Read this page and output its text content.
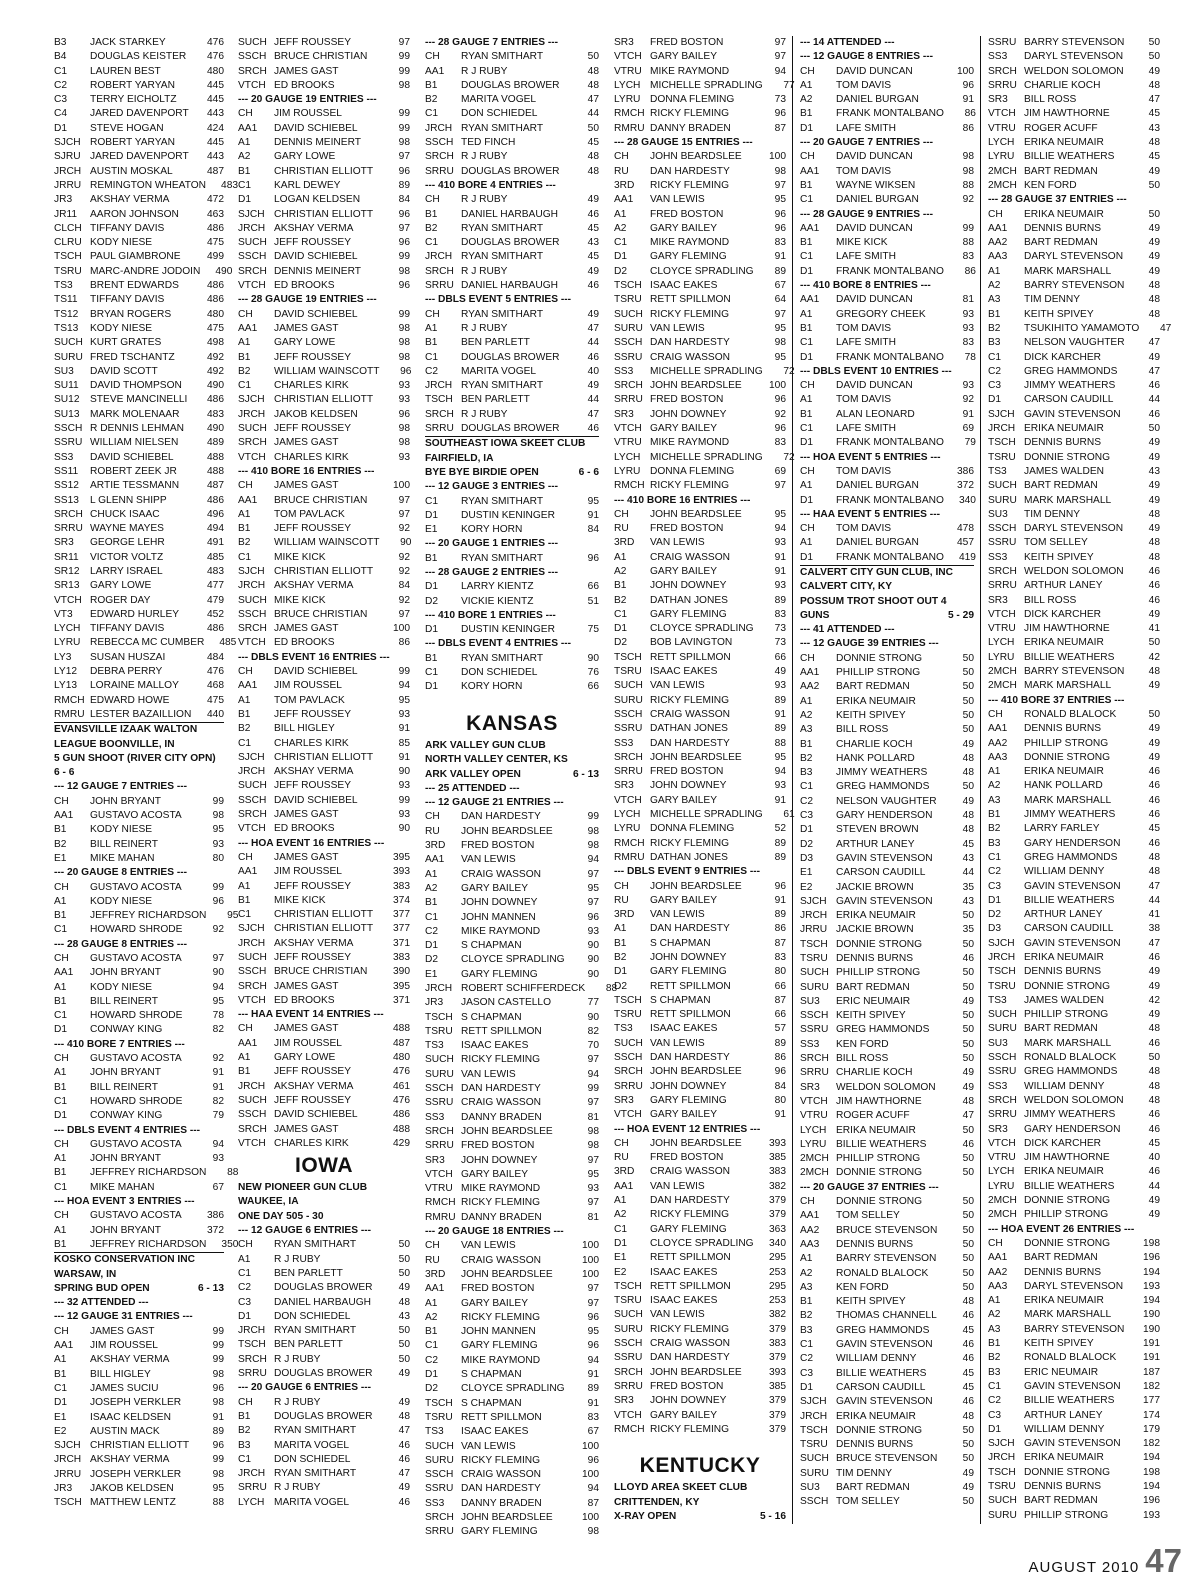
B3	JACK STARKEY	476
B4	DOUGLAS KEISTER	476
C1	LAUREN BEST	480
C2	ROBERT YARYAN	445
C3	TERRY EICHOLTZ	445
C4	JARED DAVENPORT	443
D1	STEVE HOGAN	424
SJCH ROBERT YARYAN	445
SJRU JARED DAVENPORT	443
JRCH AUSTIN MOSKAL	487
JRRU REMINGTON WHEATON	483
JR3	AKSHAY VERMA	472
JR11	AARON JOHNSON	463
CLCH TIFFANY DAVIS	486
CLRU KODY NIESE	475
TSCH PAUL GIAMBRONE	499
TSRU MARC-ANDRE JODOIN	490
TS3	BRENT EDWARDS	486
TS11	TIFFANY DAVIS	486
TS12	BRYAN ROGERS	480
TS13	KODY NIESE	475
SUCH KURT GRATES	498
SURU FRED TSCHANTZ	492
SU3	DAVID SCOTT	492
SU11	DAVID THOMPSON	490
SU12	STEVE MANCINELLI	486
SU13	MARK MOLENAAR	483
SSCH R DENNIS LEHMAN	490
SSRU WILLIAM NIELSEN	489
SS3	DAVID SCHIEBEL	488
SS11	ROBERT ZEEK JR	488
SS12	ARTIE TESSMANN	487
SS13	L GLENN SHIPP	486
SRCH CHUCK ISAAC	496
SRRU WAYNE MAYES	494
SR3	GEORGE LEHR	491
SR11	VICTOR VOLTZ	485
SR12	LARRY ISRAEL	483
SR13	GARY LOWE	477
VTCH ROGER DAY	479
VT3	EDWARD HURLEY	452
LYCH TIFFANY DAVIS	486
LYRU REBECCA MC CUMBER	485
LY3	SUSAN HUSZAI	484
LY12	DEBRA PERRY	476
LY13	LORAINE MALLOY	468
RMCH EDWARD HOWE	475
RMRU LESTER BAZAILLION	440
EVANSVILLE IZAAK WALTON
LEAGUE BOONVILLE, IN
5 GUN SHOOT (RIVER CITY OPN)
6 - 6
--- 12 GAUGE 7 ENTRIES ---
CH	JOHN BRYANT	99
AA1	GUSTAVO ACOSTA	98
B1	KODY NIESE	95
B2	BILL REINERT	93
E1	MIKE MAHAN	80
--- 20 GAUGE 8 ENTRIES ---
CH	GUSTAVO ACOSTA	99
A1	KODY NIESE	96
B1	JEFFREY RICHARDSON	95
C1	HOWARD SHRODE	92
--- 28 GAUGE 8 ENTRIES ---
CH	GUSTAVO ACOSTA	97
AA1	JOHN BRYANT	90
A1	KODY NIESE	94
B1	BILL REINERT	95
C1	HOWARD SHRODE	78
D1	CONWAY KING	82
--- 410 BORE 7 ENTRIES ---
CH	GUSTAVO ACOSTA	92
A1	JOHN BRYANT	91
B1	BILL REINERT	91
C1	HOWARD SHRODE	82
D1	CONWAY KING	79
--- DBLS EVENT 4 ENTRIES ---
CH	GUSTAVO ACOSTA	94
A1	JOHN BRYANT	93
B1	JEFFREY RICHARDSON	88
C1	MIKE MAHAN	67
--- HOA EVENT 3 ENTRIES ---
CH	GUSTAVO ACOSTA	386
A1	JOHN BRYANT	372
B1	JEFFREY RICHARDSON	350
KOSKO CONSERVATION INC
WARSAW, IN
SPRING BUD OPEN	6 - 13
--- 32 ATTENDED ---
--- 12 GAUGE 31 ENTRIES ---
CH	JAMES GAST	99
AA1	JIM ROUSSEL	99
A1	AKSHAY VERMA	99
B1	BILL HIGLEY	98
C1	JAMES SUCIU	96
D1	JOSEPH VERKLER	98
E1	ISAAC KELDSEN	91
E2	AUSTIN MACK	89
SJCH CHRISTIAN ELLIOTT	96
JRCH AKSHAY VERMA	99
JRRU JOSEPH VERKLER	98
JR3	JAKOB KELDSEN	95
TSCH MATTHEW LENTZ	88
SUCH JEFF ROUSSEY	97
SSCH BRUCE CHRISTIAN	99
SRCH JAMES GAST	99
VTCH ED BROOKS	98
--- 20 GAUGE 19 ENTRIES ---
CH	JIM ROUSSEL	99
AA1	DAVID SCHIEBEL	99
A1	DENNIS MEINERT	98
A2	GARY LOWE	97
B1	CHRISTIAN ELLIOTT	96
C1	KARL DEWEY	89
D1	LOGAN KELDSEN	84
SJCH CHRISTIAN ELLIOTT	96
JRCH AKSHAY VERMA	97
SUCH JEFF ROUSSEY	96
SSCH DAVID SCHIEBEL	99
SRCH DENNIS MEINERT	98
VTCH ED BROOKS	96
--- 28 GAUGE 19 ENTRIES ---
CH	DAVID SCHIEBEL	99
AA1	JAMES GAST	98
A1	GARY LOWE	98
B1	JEFF ROUSSEY	98
B2	WILLIAM WAINSCOTT	96
C1	CHARLES KIRK	93
SJCH CHRISTIAN ELLIOTT	93
JRCH JAKOB KELDSEN	96
SUCH JEFF ROUSSEY	98
SRCH JAMES GAST	98
VTCH CHARLES KIRK	93
--- 410 BORE 16 ENTRIES ---
CH	JAMES GAST	100
AA1	BRUCE CHRISTIAN	97
A1	TOM PAVLACK	97
B1	JEFF ROUSSEY	92
B2	WILLIAM WAINSCOTT	90
C1	MIKE KICK	92
SJCH CHRISTIAN ELLIOTT	92
JRCH AKSHAY VERMA	84
SUCH MIKE KICK	92
SSCH BRUCE CHRISTIAN	97
SRCH JAMES GAST	100
VTCH ED BROOKS	86
--- DBLS EVENT 16 ENTRIES ---
CH	DAVID SCHIEBEL	99
AA1	JIM ROUSSEL	94
A1	TOM PAVLACK	95
B1	JEFF ROUSSEY	93
B2	BILL HIGLEY	91
C1	CHARLES KIRK	85
SJCH CHRISTIAN ELLIOTT	91
JRCH AKSHAY VERMA	90
SUCH JEFF ROUSSEY	93
SSCH DAVID SCHIEBEL	99
SRCH JAMES GAST	93
VTCH ED BROOKS	90
--- HOA EVENT 16 ENTRIES ---
CH	JAMES GAST	395
AA1	JIM ROUSSEL	393
A1	JEFF ROUSSEY	383
B1	MIKE KICK	374
C1	CHRISTIAN ELLIOTT	377
SJCH CHRISTIAN ELLIOTT	377
JRCH AKSHAY VERMA	371
SUCH JEFF ROUSSEY	383
SSCH BRUCE CHRISTIAN	390
SRCH JAMES GAST	395
VTCH ED BROOKS	371
--- HAA EVENT 14 ENTRIES ---
CH	JAMES GAST	488
AA1	JIM ROUSSEL	487
A1	GARY LOWE	480
B1	JEFF ROUSSEY	476
JRCH AKSHAY VERMA	461
SUCH JEFF ROUSSEY	476
SSCH DAVID SCHIEBEL	486
SRCH JAMES GAST	488
VTCH CHARLES KIRK	429
IOWA
NEW PIONEER GUN CLUB
WAUKEE, IA
ONE DAY 505 - 30
--- 12 GAUGE 6 ENTRIES ---
CH	RYAN SMITHART	50
A1	R J RUBY	50
C1	BEN PARLETT	50
C2	DOUGLAS BROWER	49
C3	DANIEL HARBAUGH	48
D1	DON SCHIEDEL	43
JRCH RYAN SMITHART	50
TSCH BEN PARLETT	50
SRCH R J RUBY	50
SRRU DOUGLAS BROWER	49
--- 20 GAUGE 6 ENTRIES ---
CH	R J RUBY	49
B1	DOUGLAS BROWER	48
B2	RYAN SMITHART	47
B3	MARITA VOGEL	46
C1	DON SCHIEDEL	46
JRCH RYAN SMITHART	47
SRRU R J RUBY	49
LYCH MARITA VOGEL	46
--- 28 GAUGE 7 ENTRIES ---
CH	RYAN SMITHART	50
AA1	R J RUBY	48
B1	DOUGLAS BROWER	48
B2	MARITA VOGEL	47
C1	DON SCHIEDEL	44
JRCH RYAN SMITHART	50
SSCH TED FINCH	45
SRCH R J RUBY	48
SRRU DOUGLAS BROWER	48
--- 410 BORE 4 ENTRIES ---
CH	R J RUBY	49
B1	DANIEL HARBAUGH	46
B2	RYAN SMITHART	45
C1	DOUGLAS BROWER	43
JRCH RYAN SMITHART	45
SRCH R J RUBY	49
SRRU DANIEL HARBAUGH	46
--- DBLS EVENT 5 ENTRIES ---
CH	RYAN SMITHART	49
A1	R J RUBY	47
B1	BEN PARLETT	44
C1	DOUGLAS BROWER	46
C2	MARITA VOGEL	40
JRCH RYAN SMITHART	49
TSCH BEN PARLETT	44
SRCH R J RUBY	47
SRRU DOUGLAS BROWER	46
SOUTHEAST IOWA SKEET CLUB
FAIRFIELD, IA
BYE BYE BIRDIE OPEN	6 - 6
--- 12 GAUGE 3 ENTRIES ---
C1	RYAN SMITHART	95
D1	DUSTIN KENINGER	91
E1	KORY HORN	84
--- 20 GAUGE 1 ENTRIES ---
B1	RYAN SMITHART	96
--- 28 GAUGE 2 ENTRIES ---
D1	LARRY KIENTZ	66
D2	VICKIE KIENTZ	51
--- 410 BORE 1 ENTRIES ---
D1	DUSTIN KENINGER	75
--- DBLS EVENT 4 ENTRIES ---
B1	RYAN SMITHART	90
C1	DON SCHIEDEL	76
D1	KORY HORN	66
KANSAS
ARK VALLEY GUN CLUB
NORTH VALLEY CENTER, KS
ARK VALLEY OPEN	6 - 13
--- 25 ATTENDED ---
--- 12 GAUGE 21 ENTRIES ---
CH	DAN HARDESTY	99
RU	JOHN BEARDSLEE	98
3RD	FRED BOSTON	98
AA1	VAN LEWIS	94
A1	CRAIG WASSON	97
A2	GARY BAILEY	95
B1	JOHN DOWNEY	97
C1	JOHN MANNEN	96
C2	MIKE RAYMOND	93
D1	S CHAPMAN	90
D2	CLOYCE SPRADLING	90
E1	GARY FLEMING	90
JRCH ROBERT SCHIFFERDECK	88
JR3	JASON CASTELLO	77
TSCH S CHAPMAN	90
TSRU RETT SPILLMON	82
TS3	ISAAC EAKES	70
SUCH RICKY FLEMING	97
SURU VAN LEWIS	94
SSCH DAN HARDESTY	99
SSRU CRAIG WASSON	97
SS3	DANNY BRADEN	81
SRCH JOHN BEARDSLEE	98
SRRU FRED BOSTON	98
SR3	JOHN DOWNEY	97
VTCH GARY BAILEY	95
VTRU MIKE RAYMOND	93
RMCH RICKY FLEMING	97
RMRU DANNY BRADEN	81
--- 20 GAUGE 18 ENTRIES ---
CH	VAN LEWIS	100
RU	CRAIG WASSON	100
3RD	JOHN BEARDSLEE	100
AA1	FRED BOSTON	97
A1	GARY BAILEY	97
A2	RICKY FLEMING	96
B1	JOHN MANNEN	95
C1	GARY FLEMING	96
C2	MIKE RAYMOND	94
D1	S CHAPMAN	91
D2	CLOYCE SPRADLING	89
TSCH S CHAPMAN	91
TSRU RETT SPILLMON	83
TS3	ISAAC EAKES	67
SUCH VAN LEWIS	100
SURU RICKY FLEMING	96
SSCH CRAIG WASSON	100
SSRU DAN HARDESTY	94
SS3	DANNY BRADEN	87
SRCH JOHN BEARDSLEE	100
SRRU GARY FLEMING	98
SR3	FRED BOSTON	97
VTCH GARY BAILEY	97
VTRU MIKE RAYMOND	94
LYCH MICHELLE SPRADLING	77
LYRU DONNA FLEMING	73
RMCH RICKY FLEMING	96
RMRU DANNY BRADEN	87
--- 28 GAUGE 15 ENTRIES ---
CH	JOHN BEARDSLEE	100
RU	DAN HARDESTY	98
3RD	RICKY FLEMING	97
AA1	VAN LEWIS	95
A1	FRED BOSTON	96
A2	GARY BAILEY	96
C1	MIKE RAYMOND	83
D1	GARY FLEMING	91
D2	CLOYCE SPRADLING	89
TSCH ISAAC EAKES	67
TSRU RETT SPILLMON	64
SUCH RICKY FLEMING	97
SURU VAN LEWIS	95
SSCH DAN HARDESTY	98
SSRU CRAIG WASSON	95
SS3	MICHELLE SPRADLING	72
SRCH JOHN BEARDSLEE	100
SRRU FRED BOSTON	96
SR3	JOHN DOWNEY	92
VTCH GARY BAILEY	96
VTRU MIKE RAYMOND	83
LYCH MICHELLE SPRADLING	72
LYRU DONNA FLEMING	69
RMCH RICKY FLEMING	97
--- 410 BORE 16 ENTRIES ---
CH	JOHN BEARDSLEE	95
RU	FRED BOSTON	94
3RD	VAN LEWIS	93
A1	CRAIG WASSON	91
A2	GARY BAILEY	91
B1	JOHN DOWNEY	93
B2	DATHAN JONES	89
C1	GARY FLEMING	83
D1	CLOYCE SPRADLING	73
D2	BOB LAVINGTON	73
TSCH RETT SPILLMON	66
TSRU ISAAC EAKES	49
SUCH VAN LEWIS	93
SURU RICKY FLEMING	89
SSCH CRAIG WASSON	91
SSRU DATHAN JONES	89
SS3	DAN HARDESTY	88
SRCH JOHN BEARDSLEE	95
SRRU FRED BOSTON	94
SR3	JOHN DOWNEY	93
VTCH GARY BAILEY	91
LYCH MICHELLE SPRADLING	61
LYRU DONNA FLEMING	52
RMCH RICKY FLEMING	89
RMRU DATHAN JONES	89
--- DBLS EVENT 9 ENTRIES ---
CH	JOHN BEARDSLEE	96
RU	GARY BAILEY	91
3RD	VAN LEWIS	89
A1	DAN HARDESTY	86
B1	S CHAPMAN	87
B2	JOHN DOWNEY	83
D1	GARY FLEMING	80
D2	RETT SPILLMON	66
TSCH S CHAPMAN	87
TSRU RETT SPILLMON	66
TS3	ISAAC EAKES	57
SUCH VAN LEWIS	89
SSCH DAN HARDESTY	86
SRCH JOHN BEARDSLEE	96
SRRU JOHN DOWNEY	84
SR3	GARY FLEMING	80
VTCH GARY BAILEY	91
--- HOA EVENT 12 ENTRIES ---
CH	JOHN BEARDSLEE	393
RU	FRED BOSTON	385
3RD	CRAIG WASSON	383
AA1	VAN LEWIS	382
A1	DAN HARDESTY	379
A2	RICKY FLEMING	379
C1	GARY FLEMING	363
D1	CLOYCE SPRADLING	340
E1	RETT SPILLMON	295
E2	ISAAC EAKES	253
TSCH RETT SPILLMON	295
TSRU ISAAC EAKES	253
SUCH VAN LEWIS	382
SURU RICKY FLEMING	379
SSCH CRAIG WASSON	383
SSRU DAN HARDESTY	379
SRCH JOHN BEARDSLEE	393
SRRU FRED BOSTON	385
SR3	JOHN DOWNEY	379
VTCH GARY BAILEY	379
RMCH RICKY FLEMING	379
KENTUCKY
LLOYD AREA SKEET CLUB
CRITTENDEN, KY
X-RAY OPEN	5 - 16
--- 14 ATTENDED ---
--- 12 GAUGE 8 ENTRIES ---
CH	DAVID DUNCAN	100
A1	TOM DAVIS	96
A2	DANIEL BURGAN	91
B1	FRANK MONTALBANO	86
D1	LAFE SMITH	86
--- 20 GAUGE 7 ENTRIES ---
CH	DAVID DUNCAN	98
AA1	TOM DAVIS	98
B1	WAYNE WIKSEN	88
C1	DANIEL BURGAN	92
--- 28 GAUGE 9 ENTRIES ---
AA1	DAVID DUNCAN	99
B1	MIKE KICK	88
C1	LAFE SMITH	83
D1	FRANK MONTALBANO	86
--- 410 BORE 8 ENTRIES ---
AA1	DAVID DUNCAN	81
A1	GREGORY CHEEK	93
B1	TOM DAVIS	93
C1	LAFE SMITH	83
D1	FRANK MONTALBANO	78
--- DBLS EVENT 10 ENTRIES ---
CH	DAVID DUNCAN	93
A1	TOM DAVIS	92
B1	ALAN LEONARD	91
C1	LAFE SMITH	69
D1	FRANK MONTALBANO	79
--- HOA EVENT 5 ENTRIES ---
CH	TOM DAVIS	386
A1	DANIEL BURGAN	372
D1	FRANK MONTALBANO	340
--- HAA EVENT 5 ENTRIES ---
CH	TOM DAVIS	478
A1	DANIEL BURGAN	457
D1	FRANK MONTALBANO	419
CALVERT CITY GUN CLUB, INC
CALVERT CITY, KY
POSSUM TROT SHOOT OUT 4
GUNS	5 - 29
--- 41 ATTENDED ---
--- 12 GAUGE 39 ENTRIES ---
CH	DONNIE STRONG	50
AA1	PHILLIP STRONG	50
AA2	BART REDMAN	50
A1	ERIKA NEUMAIR	50
A2	KEITH SPIVEY	50
A3	BILL ROSS	50
B1	CHARLIE KOCH	49
B2	HANK POLLARD	48
B3	JIMMY WEATHERS	48
C1	GREG HAMMONDS	50
C2	NELSON VAUGHTER	49
C3	GARY HENDERSON	48
D1	STEVEN BROWN	48
D2	ARTHUR LANEY	45
D3	GAVIN STEVENSON	43
E1	CARSON CAUDILL	44
E2	JACKIE BROWN	35
SJCH GAVIN STEVENSON	43
JRCH ERIKA NEUMAIR	50
JRRU JACKIE BROWN	35
TSCH DONNIE STRONG	50
TSRU DENNIS BURNS	46
SUCH PHILLIP STRONG	50
SURU BART REDMAN	50
SU3	ERIC NEUMAIR	49
SSCH KEITH SPIVEY	50
SSRU GREG HAMMONDS	50
SS3	KEN FORD	50
SRCH BILL ROSS	50
SRRU CHARLIE KOCH	49
SR3	WELDON SOLOMON	49
VTCH JIM HAWTHORNE	48
VTRU ROGER ACUFF	47
LYCH ERIKA NEUMAIR	50
LYRU BILLIE WEATHERS	46
2MCH PHILLIP STRONG	50
2MCH DONNIE STRONG	50
--- 20 GAUGE 37 ENTRIES ---
CH	DONNIE STRONG	50
AA1	TOM SELLEY	50
AA2	BRUCE STEVENSON	50
AA3	DENNIS BURNS	50
A1	BARRY STEVENSON	50
A2	RONALD BLALOCK	50
A3	KEN FORD	50
B1	KEITH SPIVEY	48
B2	THOMAS CHANNELL	46
B3	GREG HAMMONDS	45
C1	GAVIN STEVENSON	46
C2	WILLIAM DENNY	46
C3	BILLIE WEATHERS	45
D1	CARSON CAUDILL	45
SJCH GAVIN STEVENSON	46
JRCH ERIKA NEUMAIR	48
TSCH DONNIE STRONG	50
TSRU DENNIS BURNS	50
SUCH BRUCE STEVENSON	50
SURU TIM DENNY	49
SU3	BART REDMAN	49
SSCH TOM SELLEY	50
SSRU BARRY STEVENSON	50
SS3	DARYL STEVENSON	50
SRCH WELDON SOLOMON	49
SRRU CHARLIE KOCH	48
SR3	BILL ROSS	47
VTCH JIM HAWTHORNE	45
VTRU ROGER ACUFF	43
LYCH ERIKA NEUMAIR	48
LYRU BILLIE WEATHERS	45
2MCH BART REDMAN	49
2MCH KEN FORD	50
--- 28 GAUGE 37 ENTRIES ---
CH	ERIKA NEUMAIR	50
AA1	DENNIS BURNS	49
AA2	BART REDMAN	49
AA3	DARYL STEVENSON	49
A1	MARK MARSHALL	49
A2	BARRY STEVENSON	48
A3	TIM DENNY	48
B1	KEITH SPIVEY	48
B2	TSUKIHITO YAMAMOTO	47
B3	NELSON VAUGHTER	47
C1	DICK KARCHER	49
C2	GREG HAMMONDS	47
C3	JIMMY WEATHERS	46
D1	CARSON CAUDILL	44
SJCH GAVIN STEVENSON	46
JRCH ERIKA NEUMAIR	50
TSCH DENNIS BURNS	49
TSRU DONNIE STRONG	49
TS3	JAMES WALDEN	43
SUCH BART REDMAN	49
SURU MARK MARSHALL	49
SU3	TIM DENNY	48
SSCH DARYL STEVENSON	49
SSRU TOM SELLEY	48
SS3	KEITH SPIVEY	48
SRCH WELDON SOLOMON	46
SRRU ARTHUR LANEY	46
SR3	BILL ROSS	46
VTCH DICK KARCHER	49
VTRU JIM HAWTHORNE	41
LYCH ERIKA NEUMAIR	50
LYRU BILLIE WEATHERS	42
2MCH BARRY STEVENSON	48
2MCH MARK MARSHALL	49
--- 410 BORE 37 ENTRIES ---
CH	RONALD BLALOCK	50
AA1	DENNIS BURNS	49
AA2	PHILLIP STRONG	49
AA3	DONNIE STRONG	49
A1	ERIKA NEUMAIR	46
A2	HANK POLLARD	46
A3	MARK MARSHALL	46
B1	JIMMY WEATHERS	46
B2	LARRY FARLEY	45
B3	GARY HENDERSON	46
C1	GREG HAMMONDS	48
C2	WILLIAM DENNY	48
C3	GAVIN STEVENSON	47
D1	BILLIE WEATHERS	44
D2	ARTHUR LANEY	41
D3	CARSON CAUDILL	38
SJCH GAVIN STEVENSON	47
JRCH ERIKA NEUMAIR	46
TSCH DENNIS BURNS	49
TSRU DONNIE STRONG	49
TS3	JAMES WALDEN	42
SUCH PHILLIP STRONG	49
SURU BART REDMAN	48
SU3	MARK MARSHALL	46
SSCH RONALD BLALOCK	50
SSRU GREG HAMMONDS	48
SS3	WILLIAM DENNY	48
SRCH WELDON SOLOMON	48
SRRU JIMMY WEATHERS	46
SR3	GARY HENDERSON	46
VTCH DICK KARCHER	45
VTRU JIM HAWTHORNE	40
LYCH ERIKA NEUMAIR	46
LYRU BILLIE WEATHERS	44
2MCH DONNIE STRONG	49
2MCH PHILLIP STRONG	49
--- HOA EVENT 26 ENTRIES ---
CH	DONNIE STRONG	198
AA1	BART REDMAN	196
AA2	DENNIS BURNS	194
AA3	DARYL STEVENSON	193
A1	ERIKA NEUMAIR	194
A2	MARK MARSHALL	190
A3	BARRY STEVENSON	190
B1	KEITH SPIVEY	191
B2	RONALD BLALOCK	191
B3	ERIC NEUMAIR	187
C1	GAVIN STEVENSON	182
C2	BILLIE WEATHERS	177
C3	ARTHUR LANEY	174
D1	WILLIAM DENNY	179
SJCH GAVIN STEVENSON	182
JRCH ERIKA NEUMAIR	194
TSCH DONNIE STRONG	198
TSRU DENNIS BURNS	194
SUCH BART REDMAN	196
SURU PHILLIP STRONG	193
AUGUST 2010 47
